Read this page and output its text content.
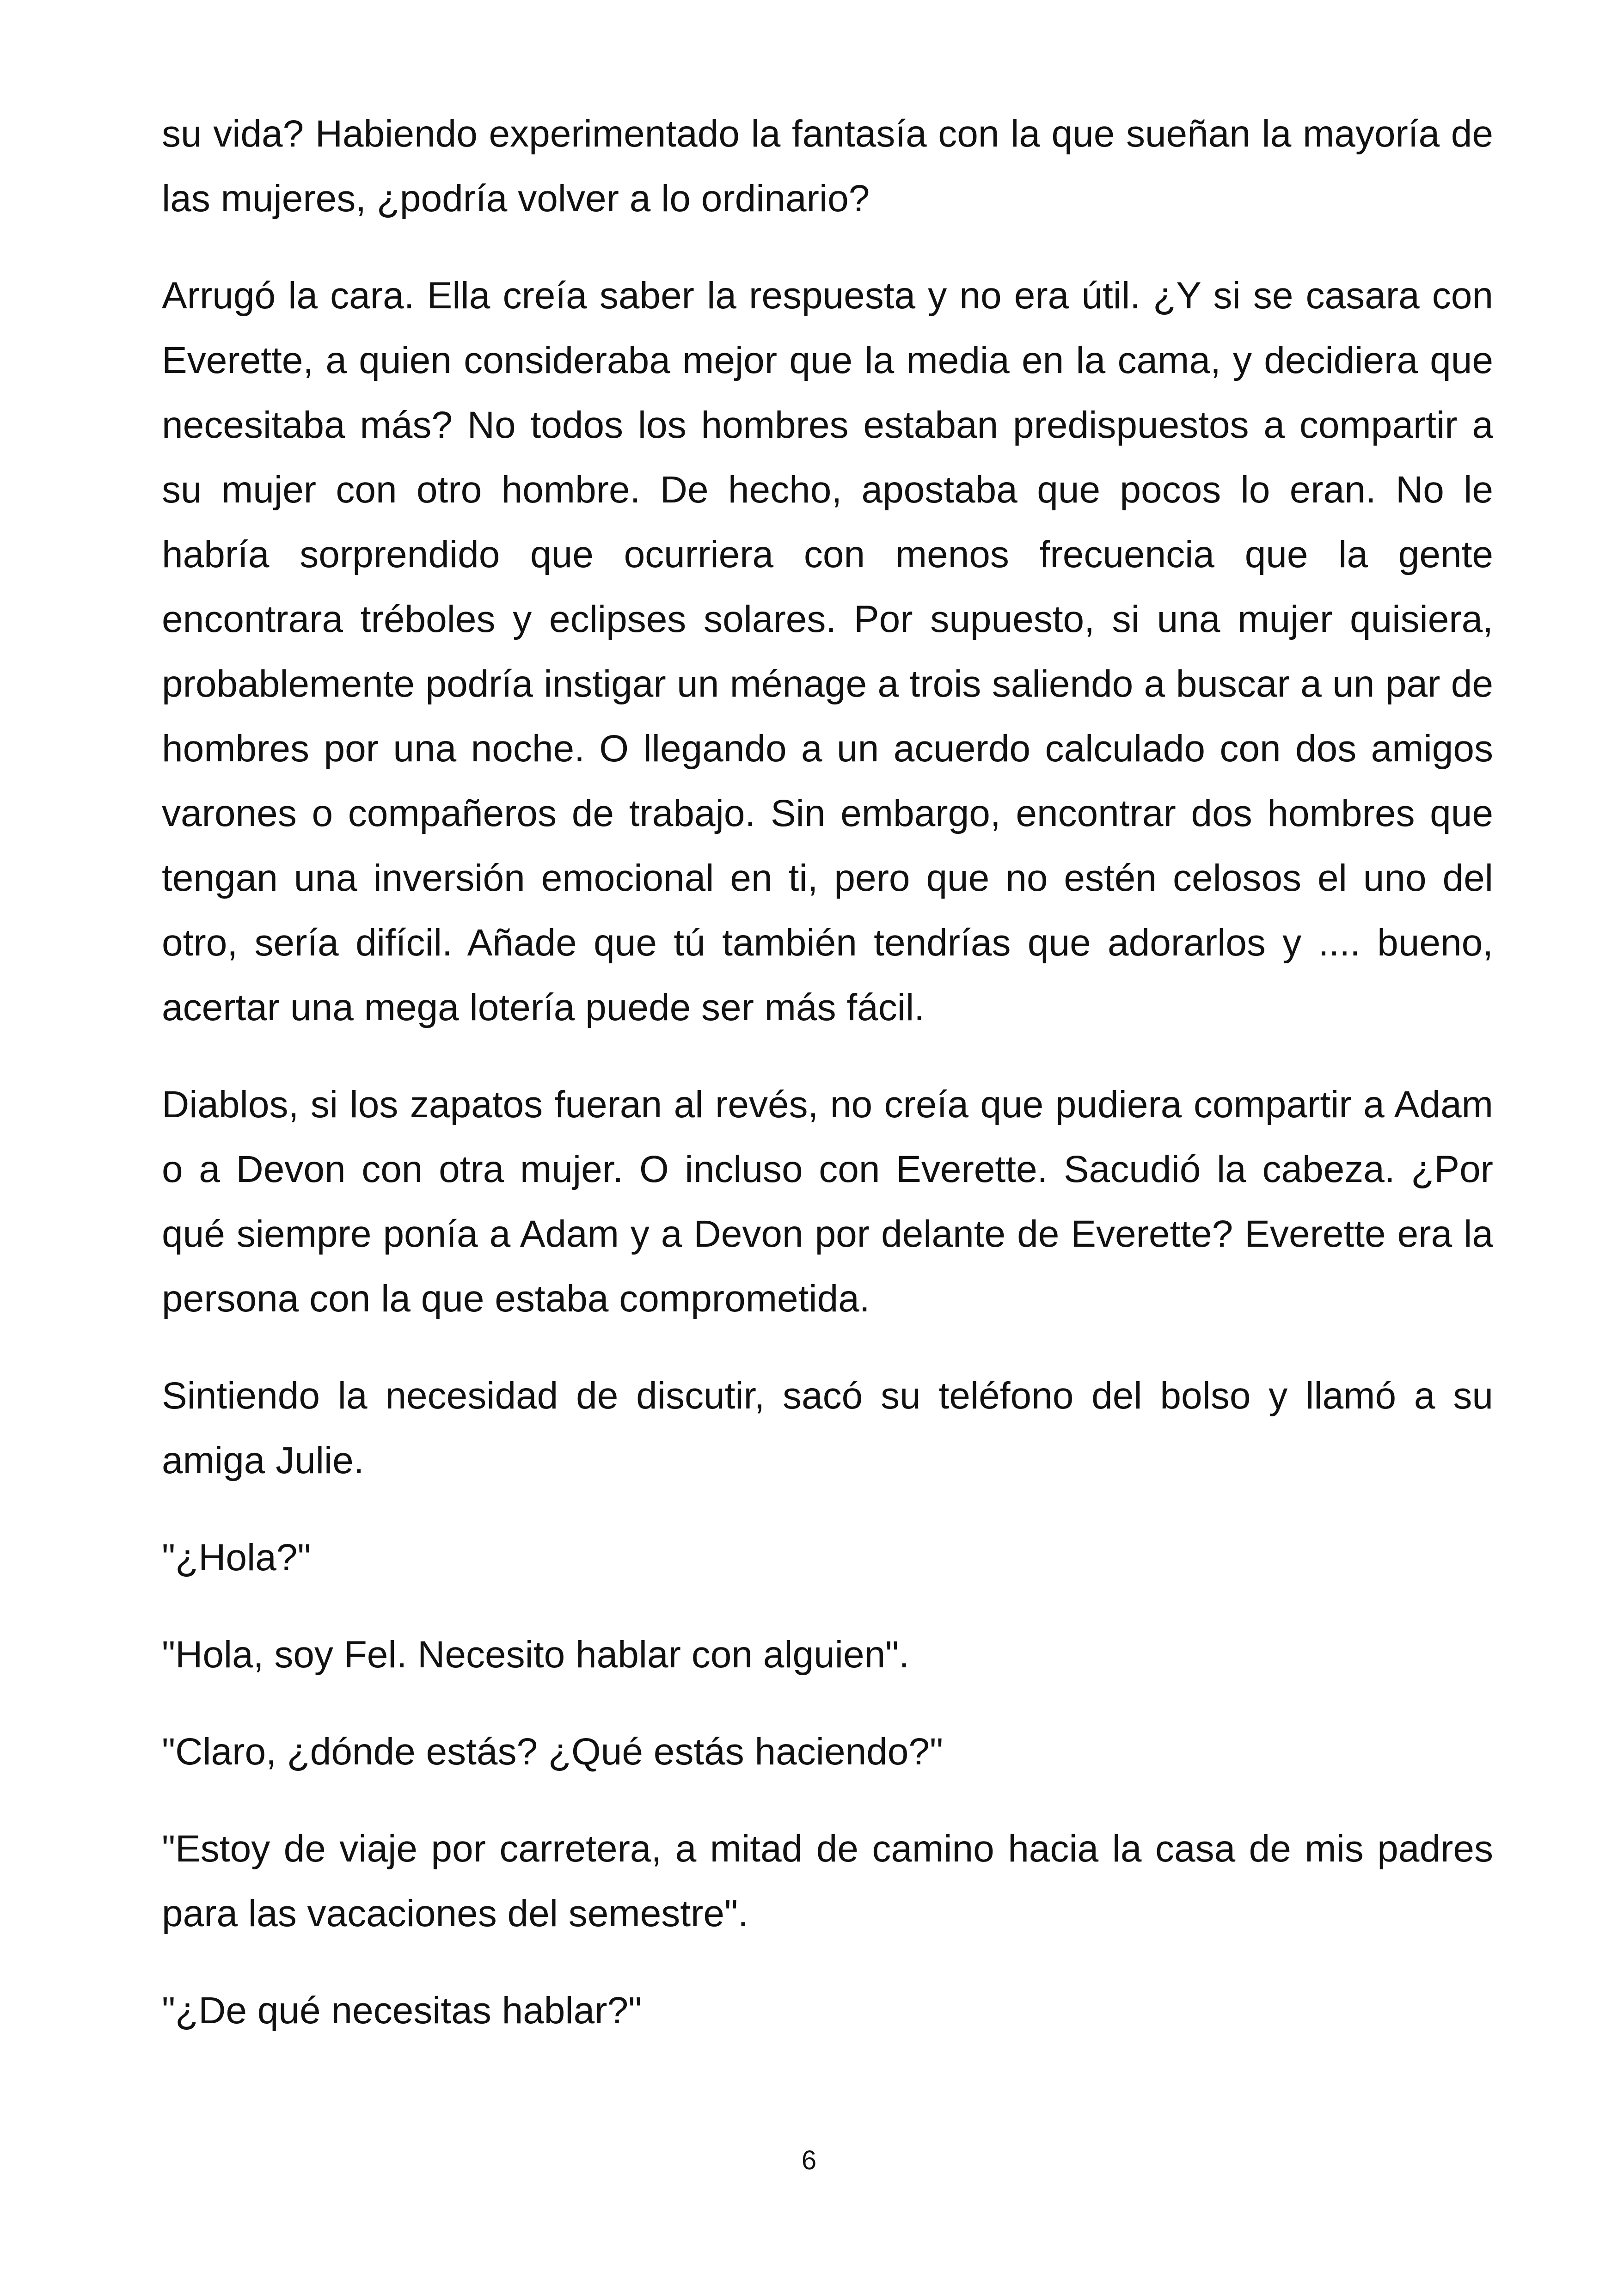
su vida? Habiendo experimentado la fantasía con la que sueñan la mayoría de las mujeres, ¿podría volver a lo ordinario?

Arrugó la cara. Ella creía saber la respuesta y no era útil. ¿Y si se casara con Everette, a quien consideraba mejor que la media en la cama, y decidiera que necesitaba más? No todos los hombres estaban predispuestos a compartir a su mujer con otro hombre. De hecho, apostaba que pocos lo eran. No le habría sorprendido que ocurriera con menos frecuencia que la gente encontrara tréboles y eclipses solares. Por supuesto, si una mujer quisiera, probablemente podría instigar un ménage a trois saliendo a buscar a un par de hombres por una noche. O llegando a un acuerdo calculado con dos amigos varones o compañeros de trabajo. Sin embargo, encontrar dos hombres que tengan una inversión emocional en ti, pero que no estén celosos el uno del otro, sería difícil. Añade que tú también tendrías que adorarlos y .... bueno, acertar una mega lotería puede ser más fácil.

Diablos, si los zapatos fueran al revés, no creía que pudiera compartir a Adam o a Devon con otra mujer. O incluso con Everette. Sacudió la cabeza. ¿Por qué siempre ponía a Adam y a Devon por delante de Everette? Everette era la persona con la que estaba comprometida.

Sintiendo la necesidad de discutir, sacó su teléfono del bolso y llamó a su amiga Julie.

"¿Hola?"

"Hola, soy Fel. Necesito hablar con alguien".

"Claro, ¿dónde estás? ¿Qué estás haciendo?"

"Estoy de viaje por carretera, a mitad de camino hacia la casa de mis padres para las vacaciones del semestre".

"¿De qué necesitas hablar?"

6
